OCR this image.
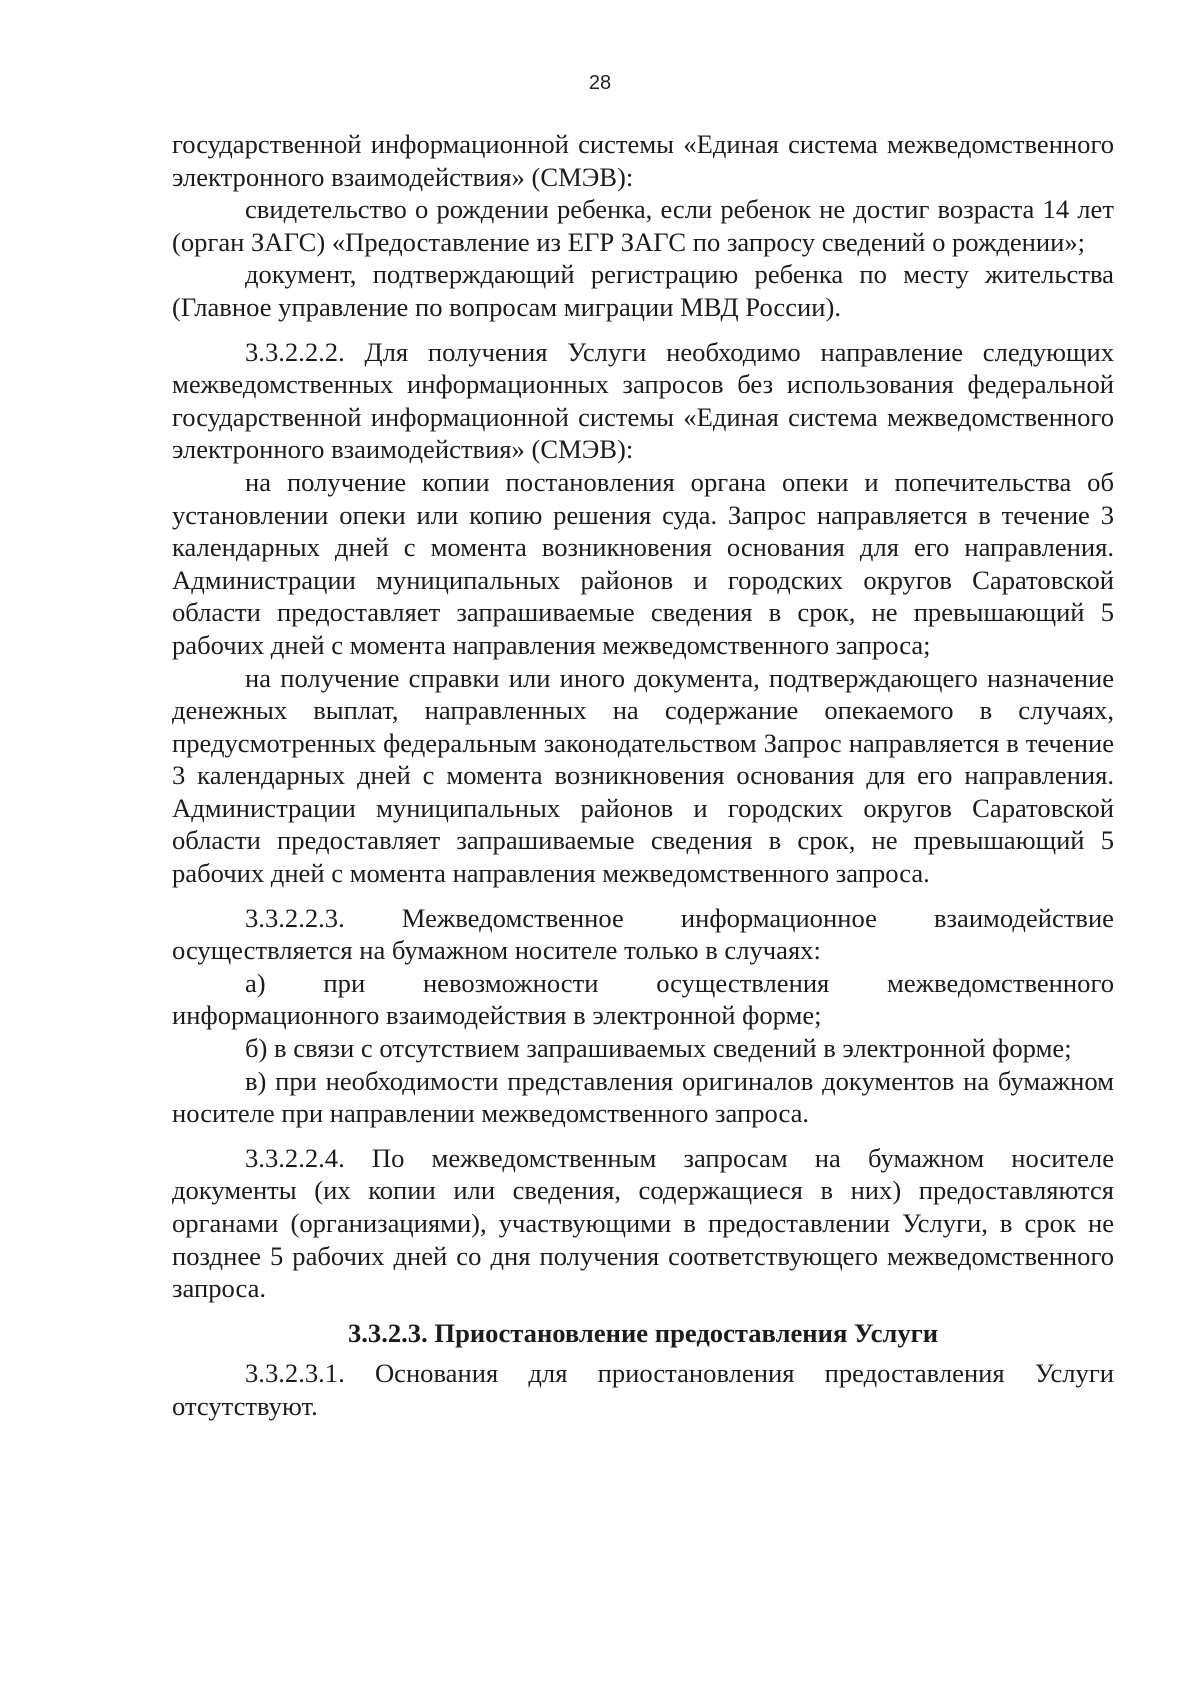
28

государственной информационной системы «Единая система межведомственного электронного взаимодействия» (СМЭВ):

свидетельство о рождении ребенка, если ребенок не достиг возраста 14 лет (орган ЗАГС) «Предоставление из ЕГР ЗАГС по запросу сведений о рождении»;

документ, подтверждающий регистрацию ребенка по месту жительства (Главное управление по вопросам миграции МВД России).

3.3.2.2.2. Для получения Услуги необходимо направление следующих межведомственных информационных запросов без использования федеральной государственной информационной системы «Единая система межведомственного электронного взаимодействия» (СМЭВ):

на получение копии постановления органа опеки и попечительства об установлении опеки или копию решения суда. Запрос направляется в течение 3 календарных дней с момента возникновения основания для его направления. Администрации муниципальных районов и городских округов Саратовской области предоставляет запрашиваемые сведения в срок, не превышающий 5 рабочих дней с момента направления межведомственного запроса;

на получение справки или иного документа, подтверждающего назначение денежных выплат, направленных на содержание опекаемого в случаях, предусмотренных федеральным законодательством Запрос направляется в течение 3 календарных дней с момента возникновения основания для его направления. Администрации муниципальных районов и городских округов Саратовской области предоставляет запрашиваемые сведения в срок, не превышающий 5 рабочих дней с момента направления межведомственного запроса.

3.3.2.2.3. Межведомственное информационное взаимодействие осуществляется на бумажном носителе только в случаях:

а) при невозможности осуществления межведомственного информационного взаимодействия в электронной форме;

б) в связи с отсутствием запрашиваемых сведений в электронной форме;

в) при необходимости представления оригиналов документов на бумажном носителе при направлении межведомственного запроса.

3.3.2.2.4. По межведомственным запросам на бумажном носителе документы (их копии или сведения, содержащиеся в них) предоставляются органами (организациями), участвующими в предоставлении Услуги, в срок не позднее 5 рабочих дней со дня получения соответствующего межведомственного запроса.

3.3.2.3. Приостановление предоставления Услуги

3.3.2.3.1. Основания для приостановления предоставления Услуги отсутствуют.
